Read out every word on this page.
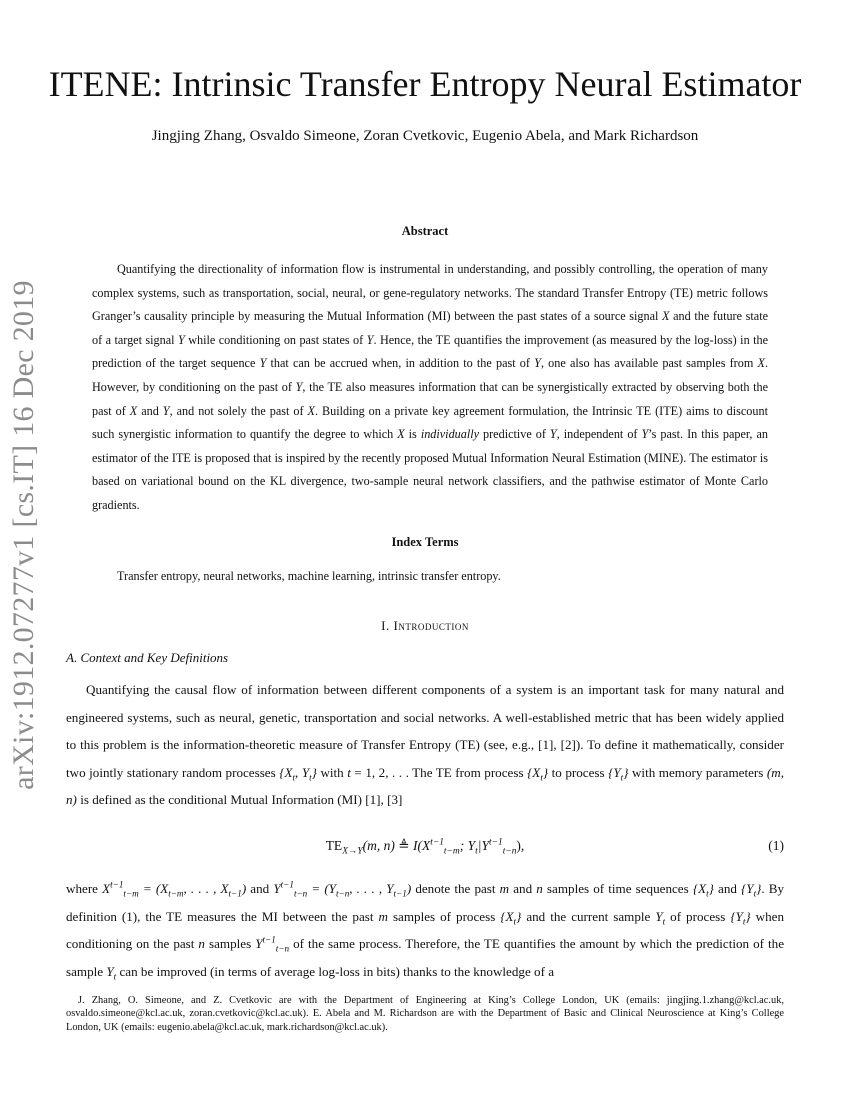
arXiv:1912.07277v1 [cs.IT] 16 Dec 2019
ITENE: Intrinsic Transfer Entropy Neural Estimator
Jingjing Zhang, Osvaldo Simeone, Zoran Cvetkovic, Eugenio Abela, and Mark Richardson
Abstract

Quantifying the directionality of information flow is instrumental in understanding, and possibly controlling, the operation of many complex systems, such as transportation, social, neural, or gene-regulatory networks. The standard Transfer Entropy (TE) metric follows Granger’s causality principle by measuring the Mutual Information (MI) between the past states of a source signal X and the future state of a target signal Y while conditioning on past states of Y. Hence, the TE quantifies the improvement (as measured by the log-loss) in the prediction of the target sequence Y that can be accrued when, in addition to the past of Y, one also has available past samples from X. However, by conditioning on the past of Y, the TE also measures information that can be synergistically extracted by observing both the past of X and Y, and not solely the past of X. Building on a private key agreement formulation, the Intrinsic TE (ITE) aims to discount such synergistic information to quantify the degree to which X is individually predictive of Y, independent of Y’s past. In this paper, an estimator of the ITE is proposed that is inspired by the recently proposed Mutual Information Neural Estimation (MINE). The estimator is based on variational bound on the KL divergence, two-sample neural network classifiers, and the pathwise estimator of Monte Carlo gradients.

Index Terms

Transfer entropy, neural networks, machine learning, intrinsic transfer entropy.

I. Introduction
A. Context and Key Definitions

Quantifying the causal flow of information between different components of a system is an important task for many natural and engineered systems, such as neural, genetic, transportation and social networks. A well-established metric that has been widely applied to this problem is the information-theoretic measure of Transfer Entropy (TE) (see, e.g., [1], [2]). To define it mathematically, consider two jointly stationary random processes {$X_t$, $Y_t$} with t = 1, 2, . . . The TE from process $\{X_t\}$ to process $\{Y_t\}$ with memory parameters (m, n) is defined as the conditional Mutual Information (MI) [1], [3]

$TE_{X\to Y}(m$, n) ≜ $I(X^{t-1}_{t-m}$; $Y_t|Y^{t-1}_{t-n}$),	(1)

where $X^{t-1}_{t-m} = (X_{t-m}$, . . . , $X_{t-1}$) and $Y^{t-1}_{t-n} = (Y_{t-n}$, . . . , $Y_{t-1}$) denote the past m and n samples of time sequences $\{X_t\}$ and $\{Y_t\}$. By definition (1), the TE measures the MI between the past m samples of process $\{X_t\}$ and the current sample $Y_t$ of process $\{Y_t\}$ when conditioning on the past n samples $Y^{t-1}_{t-n}$ of the same process. Therefore, the TE quantifies the amount by which the prediction of the sample $Y_t$ can be improved (in terms of average log-loss in bits) thanks to the knowledge of a

J. Zhang, O. Simeone, and Z. Cvetkovic are with the Department of Engineering at King’s College London, UK (emails: jingjing.1.zhang@kcl.ac.uk, osvaldo.simeone@kcl.ac.uk, zoran.cvetkovic@kcl.ac.uk). E. Abela and M. Richardson are with the Department of Basic and Clinical Neuroscience at King’s College London, UK (emails: eugenio.abela@kcl.ac.uk, mark.richardson@kcl.ac.uk).
